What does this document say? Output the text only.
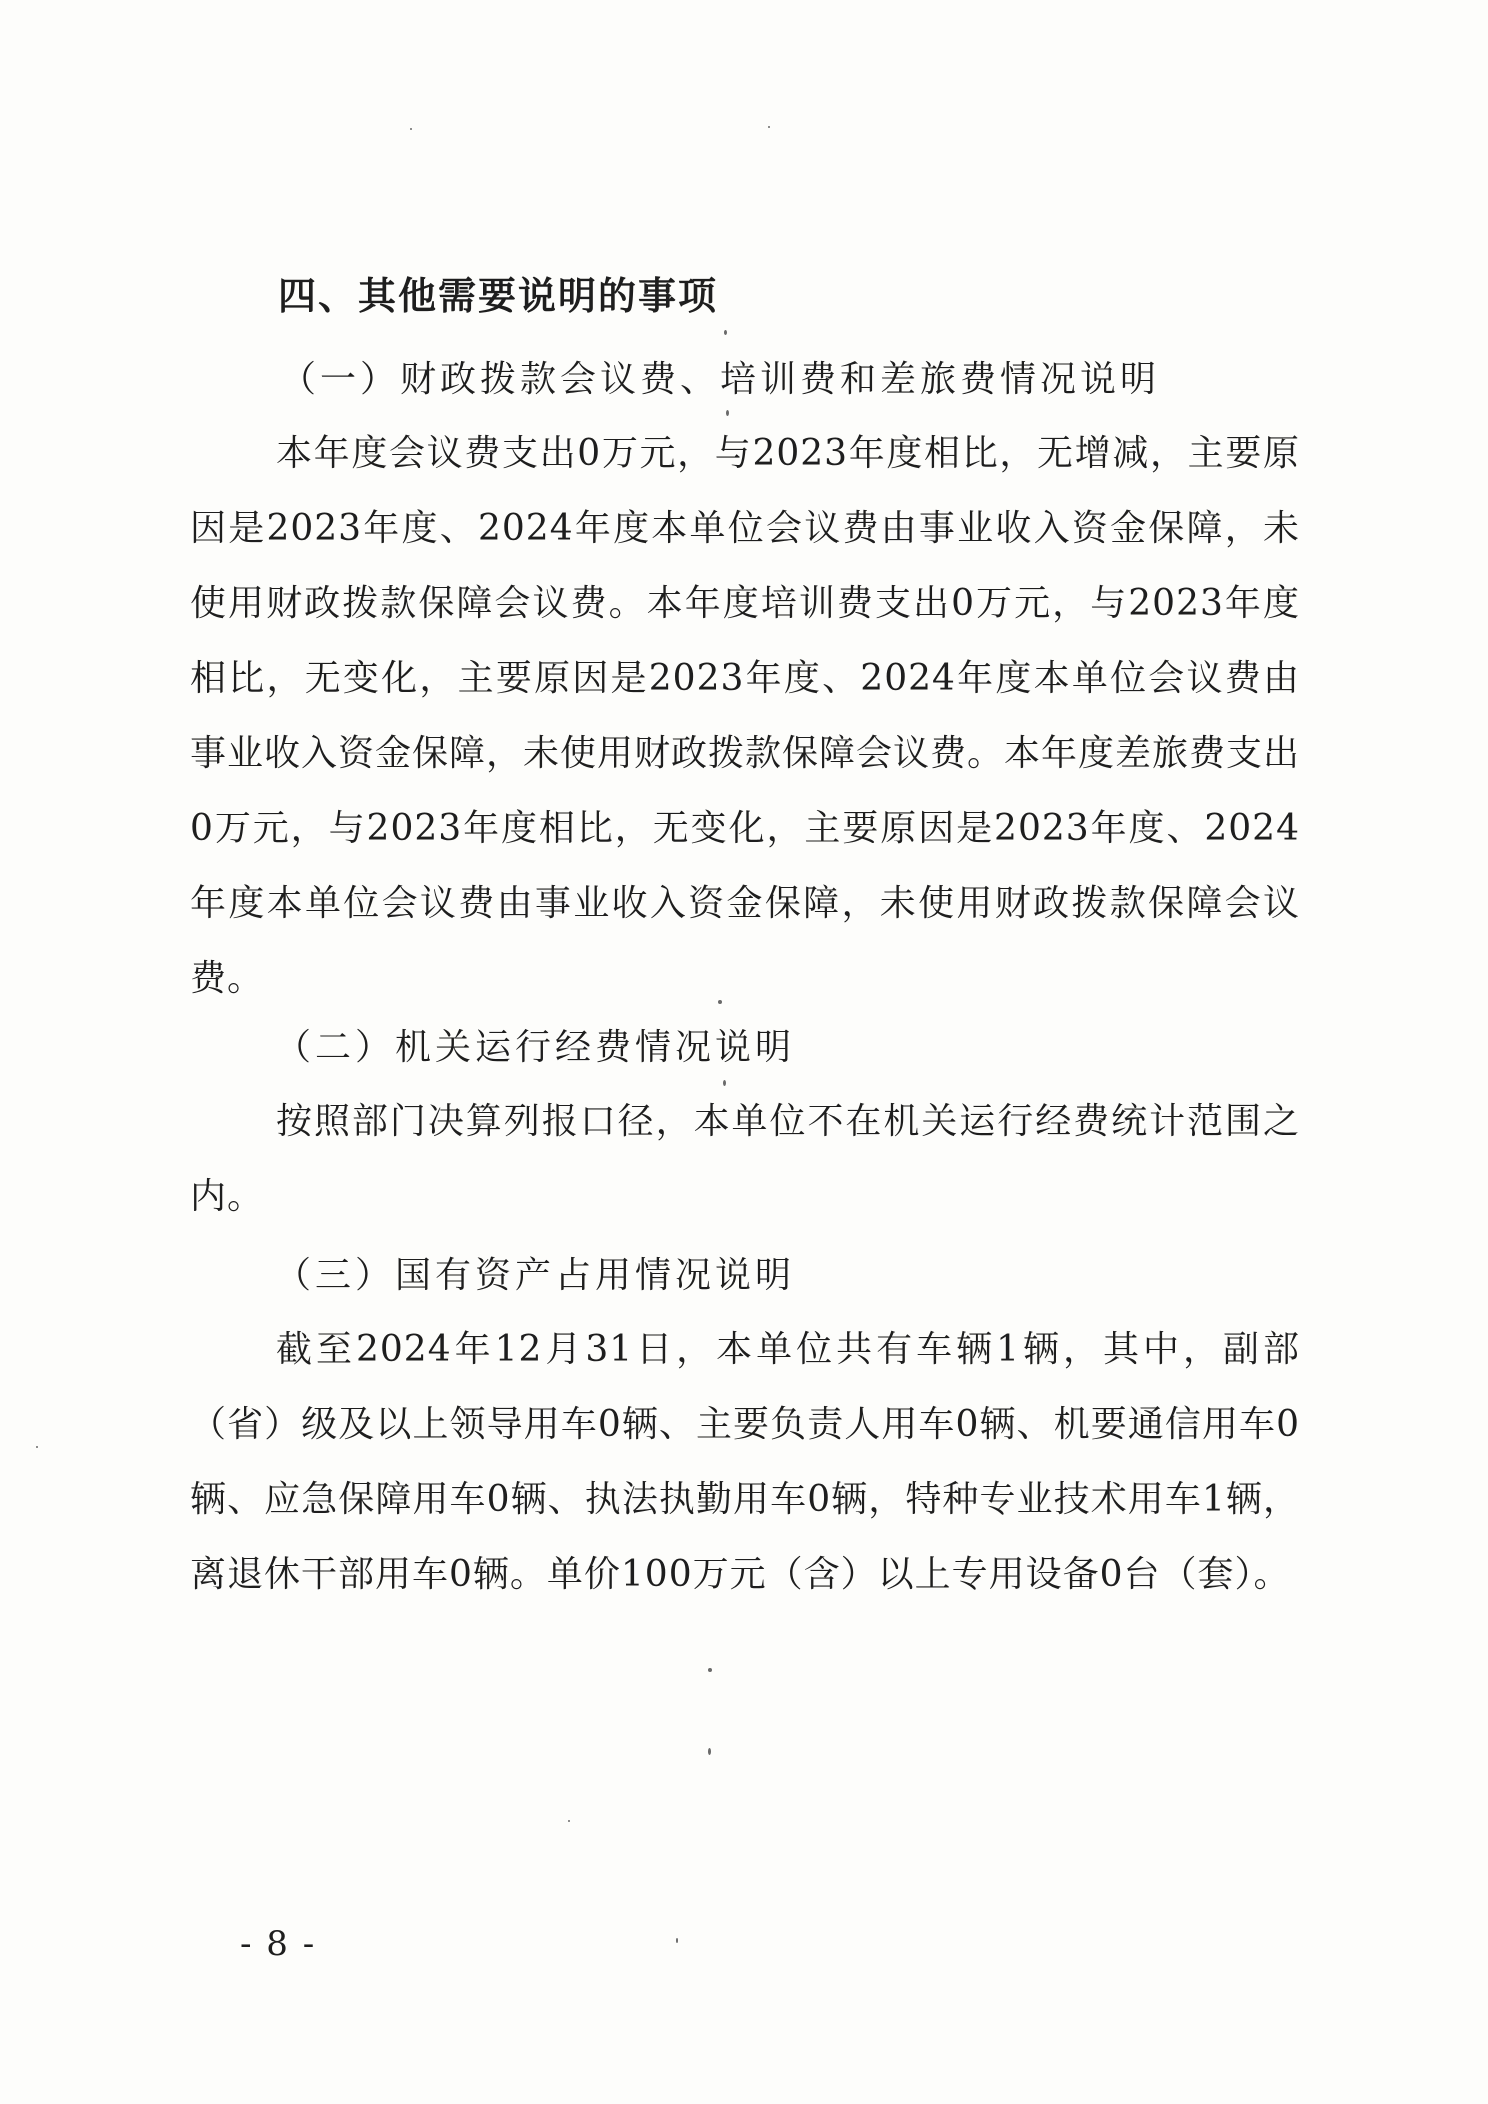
四、其他需要说明的事项
（一）财政拨款会议费、培训费和差旅费情况说明
本年度会议费支出0万元，与2023年度相比，无增减，主要原因是2023年度、2024年度本单位会议费由事业收入资金保障，未使用财政拨款保障会议费。本年度培训费支出0万元，与2023年度相比，无变化，主要原因是2023年度、2024年度本单位会议费由事业收入资金保障，未使用财政拨款保障会议费。本年度差旅费支出0万元，与2023年度相比，无变化，主要原因是2023年度、2024年度本单位会议费由事业收入资金保障，未使用财政拨款保障会议费。
（二）机关运行经费情况说明
按照部门决算列报口径，本单位不在机关运行经费统计范围之内。
（三）国有资产占用情况说明
截至2024年12月31日，本单位共有车辆1辆，其中，副部（省）级及以上领导用车0辆、主要负责人用车0辆、机要通信用车0辆、应急保障用车0辆、执法执勤用车0辆，特种专业技术用车1辆，离退休干部用车0辆。单价100万元（含）以上专用设备0台（套）。
- 8 -
